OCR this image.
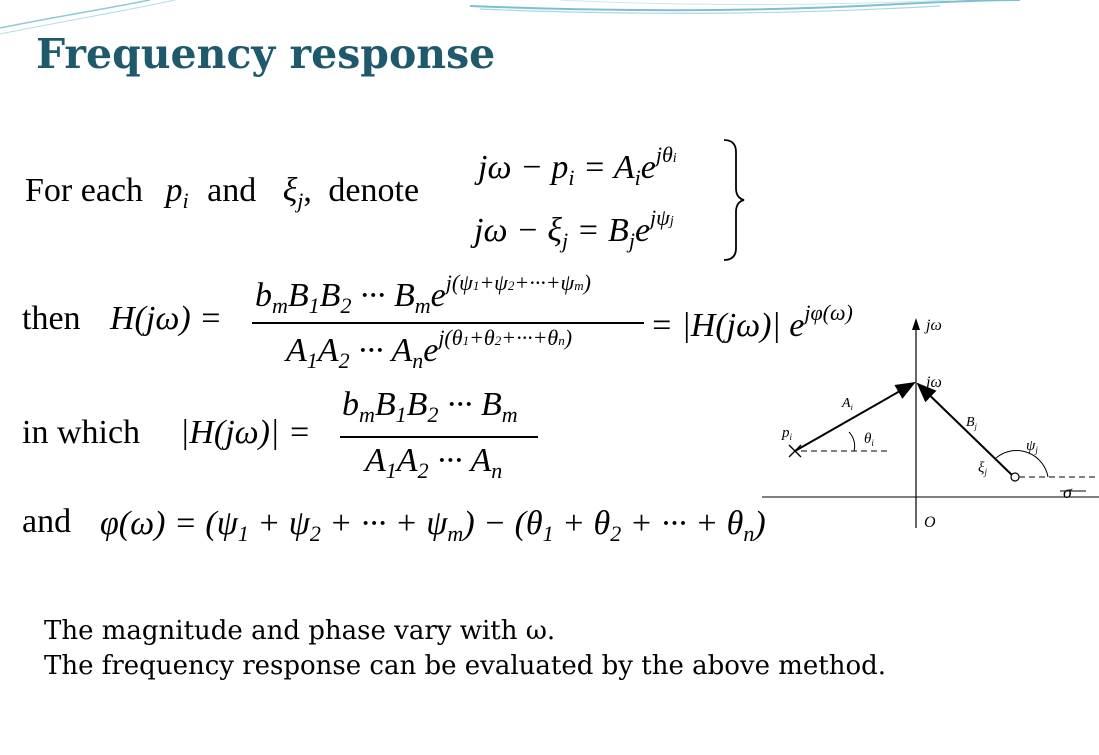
Frequency response
For each $p_i$ and $\xi_j$, denote
$j\omega - p_i = A_ie^{j\theta i}$
$j\omega - \xi_j = B_je^{j\psi j}$
then H(jω) =
$b_mB_1B_2$ ··· $B_me^{j(\psi 1+\psi 2+\cdot\cdot\cdot+\psi m)}$
$A_1A_2$ ··· $A_ne^{j(\theta 1+\theta 2+\cdot\cdot\cdot+\theta n)} = |H(j\omega)|$ $e^{j\varphi(\omega)}$
in which |H(jω)| =
$b_mB_1B_2$ ··· $B_m$
$A_1A_2$ ··· $A_n$
and $\varphi(\omega) = (\psi_1 + \psi_2$ + ··· + $\psi_m) - (\theta_1 + \theta_2$ + ··· + $\theta_n$)
jω
O
σ
jω
$p_i$
$A_i$
$\theta_i$
$B_j$
$\xi_j$
$\psi_j$
The magnitude and phase vary with ω.
The frequency response can be evaluated by the above method.
